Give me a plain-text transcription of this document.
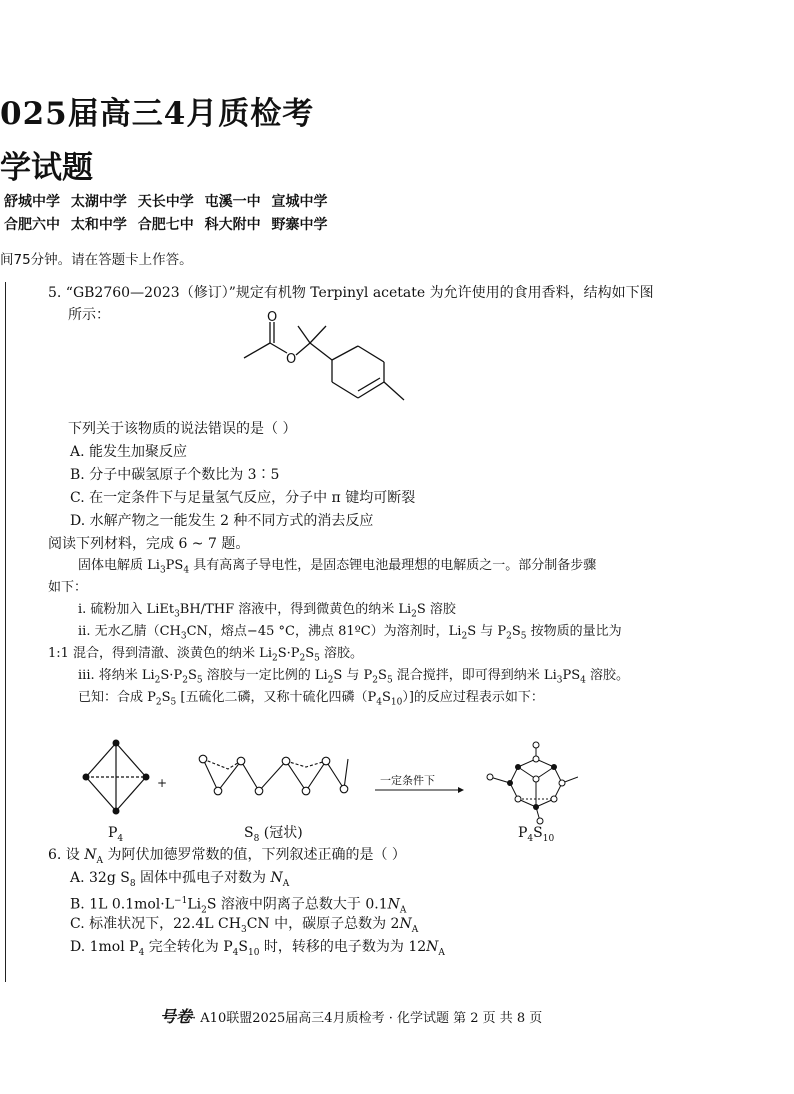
025届高三4月质检考
学试题
舒城中学 太湖中学 天长中学 屯溪一中 宣城中学
合肥六中 太和中学 合肥七中 科大附中 野寨中学
间75分钟。请在答题卡上作答。
5. “GB2760—2023（修订）”规定有机物 Terpinyl acetate 为允许使用的食用香料，结构如下图
所示：	O
O
下列关于该物质的说法错误的是（ ）
A. 能发生加聚反应
B. 分子中碳氢原子个数比为 3∶5
C. 在一定条件下与足量氢气反应，分子中 π 键均可断裂
D. 水解产物之一能发生 2 种不同方式的消去反应
阅读下列材料，完成 6 ~ 7 题。
固体电解质 $Li_3PS_4$ 具有高离子导电性，是固态锂电池最理想的电解质之一。部分制备步骤
如下：
i. 硫粉加入 LiEt$_3$BH/THF 溶液中，得到微黄色的纳米 $Li_2S$ 溶胶
ii. 无水乙腈（$CH_3CN$，熔点−45 °C，沸点 81ºC）为溶剂时，$Li_2S$ 与 $P_2S_5$ 按物质的量比为
1:1 混合，得到清澈、淡黄色的纳米 $Li_2S\cdot P_2S_5$ 溶胶。
iii. 将纳米 $Li_2S\cdot P_2S_5$ 溶胶与一定比例的 $Li_2S$ 与 $P_2S_5$ 混合搅拌，即可得到纳米 $Li_3PS_4$ 溶胶。
已知：合成 $P_2S_5$ [五硫化二磷，又称十硫化四磷$(P_4S_{10})$]的反应过程表示如下：
+	一定条件下
$P_4$	$S_8$ (冠状)	$P_4S_{10}$
6. 设 $N_A$ 为阿伏加德罗常数的值，下列叙述正确的是（ ）
A. 32g $S_8$ 固体中孤电子对数为 $N_A$
B. 1L $0.1mol\cdot L^{-1}Li_2S$ 溶液中阴离子总数大于 $0.1N_A$
C. 标准状况下，22.4L $CH_3CN$ 中，碳原子总数为 $2N_A$
D. 1mol $P_4$ 完全转化为 $P_4S_{10}$ 时，转移的电子数为为 $12N_A$
号卷· A10联盟2025届高三4月质检考 · 化学试题 第 2 页 共 8 页
